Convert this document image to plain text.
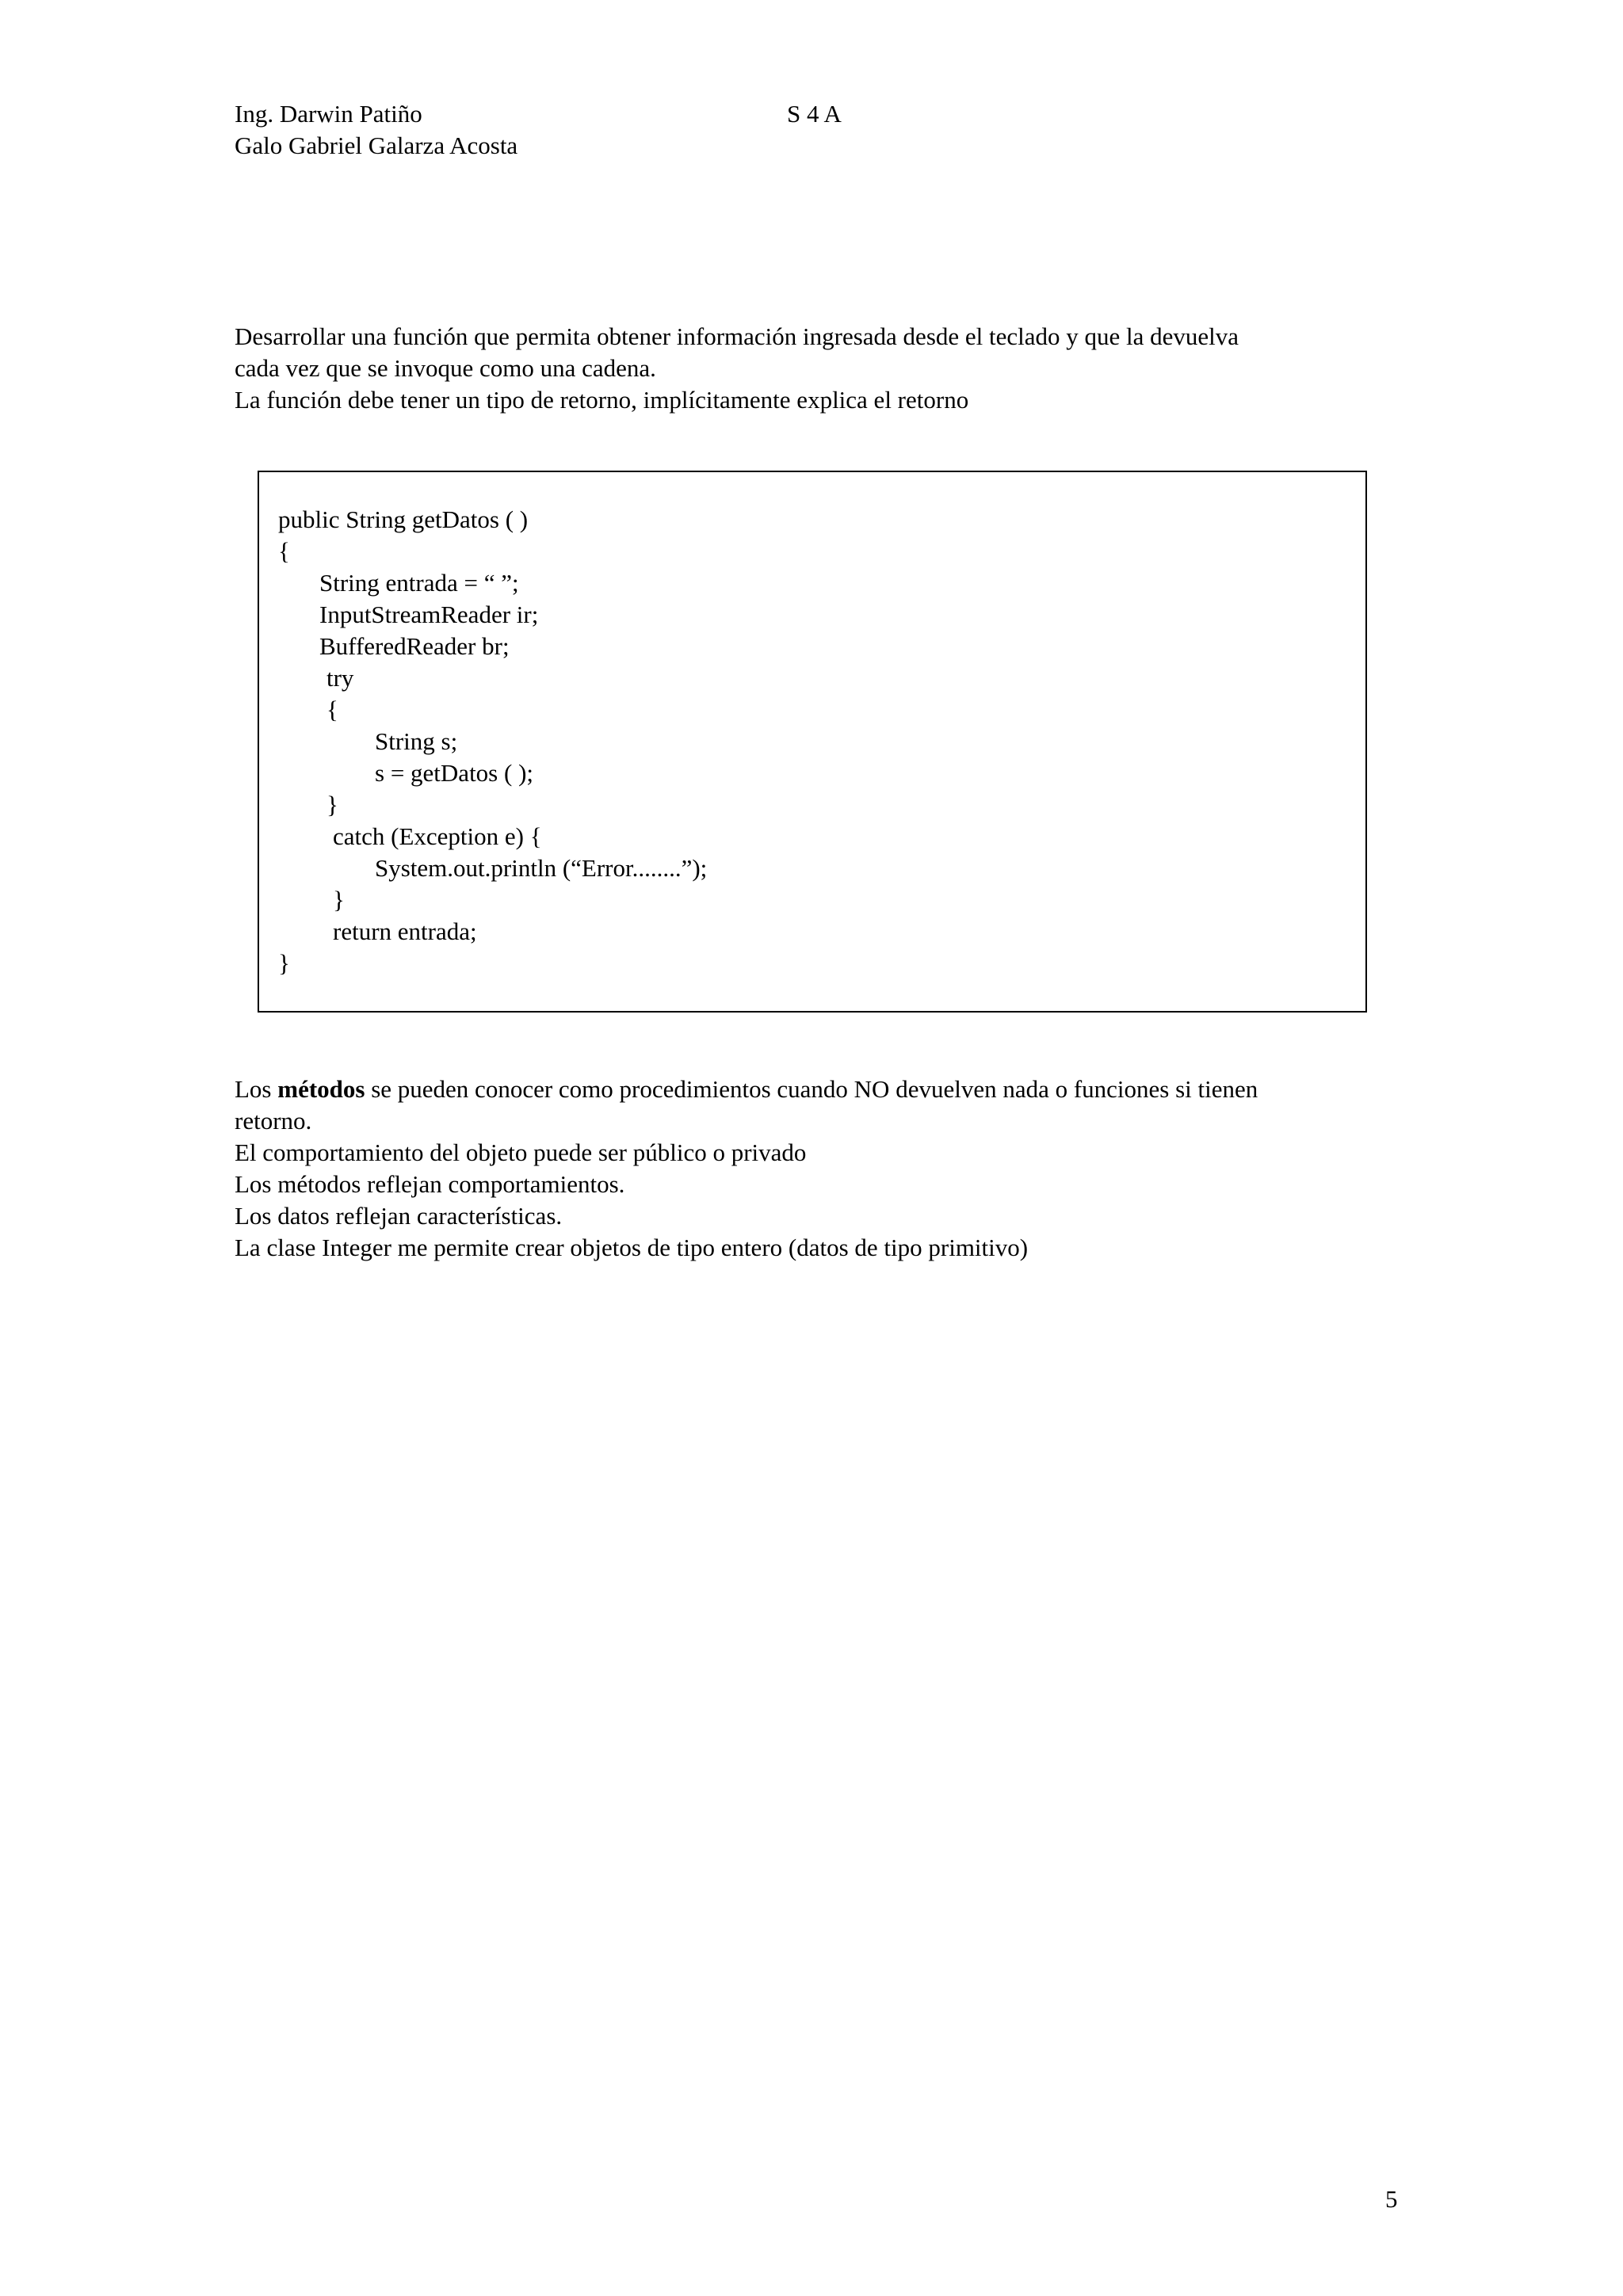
Ing. Darwin Patiño

Galo Gabriel Galarza Acosta

S 4 A

Desarrollar una función que permita obtener información ingresada desde el teclado y que la devuelva

cada vez que se invoque como una cadena.

La función debe tener un tipo de retorno, implícitamente explica el retorno

public String getDatos ( )

{

String entrada = “ ”;

InputStreamReader ir;

BufferedReader br;

try

{

String s;

s = getDatos ( );

}

catch (Exception e) {

System.out.println (“Error........”);

}

return entrada;

}

Los métodos se pueden conocer como procedimientos cuando NO devuelven nada o funciones si tienen

retorno.

El comportamiento del objeto puede ser público o privado

Los métodos reflejan comportamientos.

Los datos reflejan características.

La clase Integer me permite crear objetos de tipo entero (datos de tipo primitivo)

5
